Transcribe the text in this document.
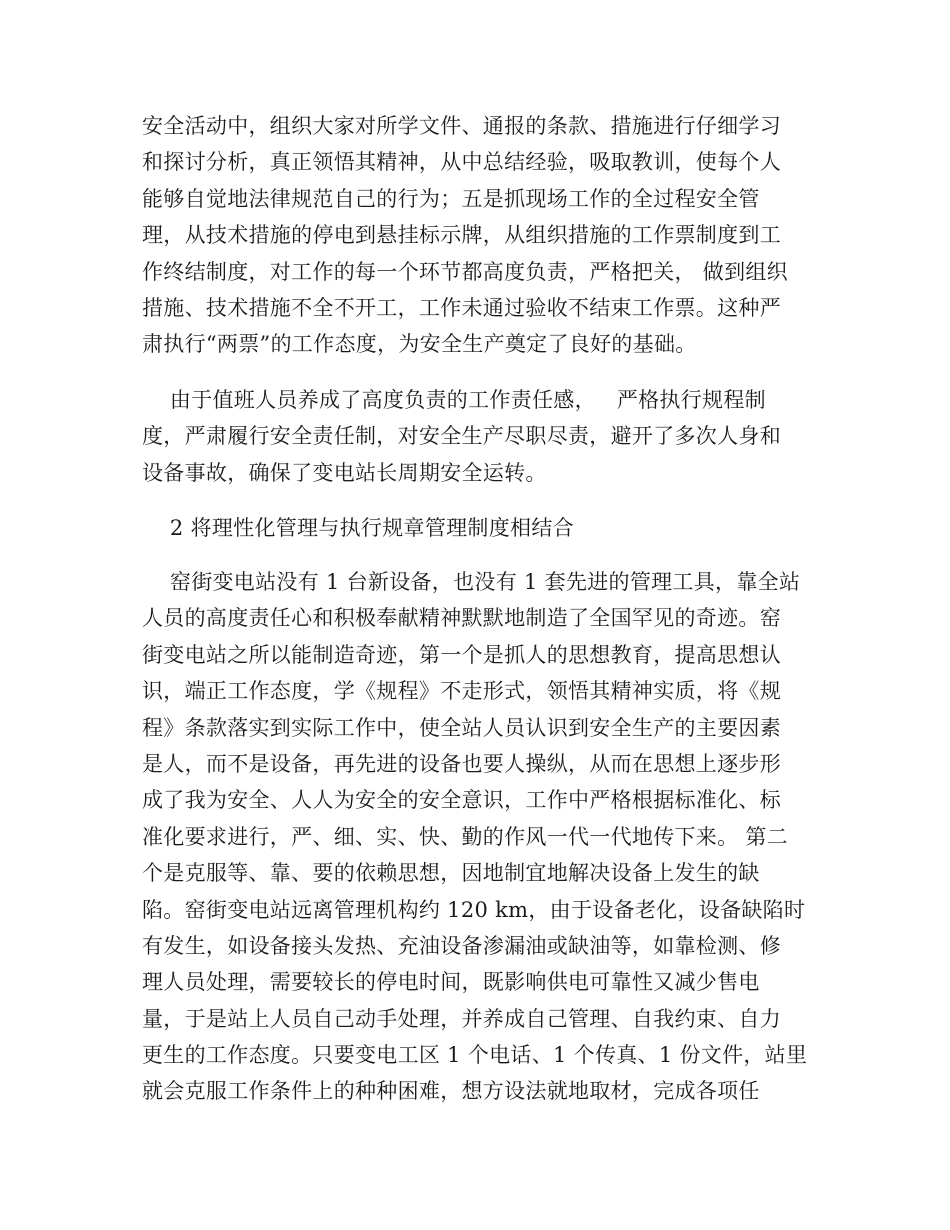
安全活动中，组织大家对所学文件、通报的条款、措施进行仔细学习
和探讨分析，真正领悟其精神，从中总结经验，吸取教训，使每个人
能够自觉地法律规范自己的行为；五是抓现场工作的全过程安全管
理，从技术措施的停电到悬挂标示牌，从组织措施的工作票制度到工
作终结制度，对工作的每一个环节都高度负责，严格把关， 做到组织
措施、技术措施不全不开工，工作未通过验收不结束工作票。这种严
肃执行“两票”的工作态度，为安全生产奠定了良好的基础。
由于值班人员养成了高度负责的工作责任感，   严格执行规程制
度，严肃履行安全责任制，对安全生产尽职尽责，避开了多次人身和
设备事故，确保了变电站长周期安全运转。
2 将理性化管理与执行规章管理制度相结合
窑街变电站没有 1 台新设备，也没有 1 套先进的管理工具，靠全站
人员的高度责任心和积极奉献精神默默地制造了全国罕见的奇迹。窑
街变电站之所以能制造奇迹，第一个是抓人的思想教育，提高思想认
识，端正工作态度，学《规程》不走形式，领悟其精神实质，将《规
程》条款落实到实际工作中，使全站人员认识到安全生产的主要因素
是人，而不是设备，再先进的设备也要人操纵，从而在思想上逐步形
成了我为安全、人人为安全的安全意识，工作中严格根据标准化、标
准化要求进行，严、细、实、快、勤的作风一代一代地传下来。 第二
个是克服等、靠、要的依赖思想，因地制宜地解决设备上发生的缺
陷。窑街变电站远离管理机构约 120 km，由于设备老化，设备缺陷时
有发生，如设备接头发热、充油设备渗漏油或缺油等，如靠检测、修
理人员处理，需要较长的停电时间，既影响供电可靠性又减少售电
量，于是站上人员自己动手处理，并养成自己管理、自我约束、自力
更生的工作态度。只要变电工区 1 个电话、1 个传真、1 份文件，站里
就会克服工作条件上的种种困难，想方设法就地取材，完成各项任
